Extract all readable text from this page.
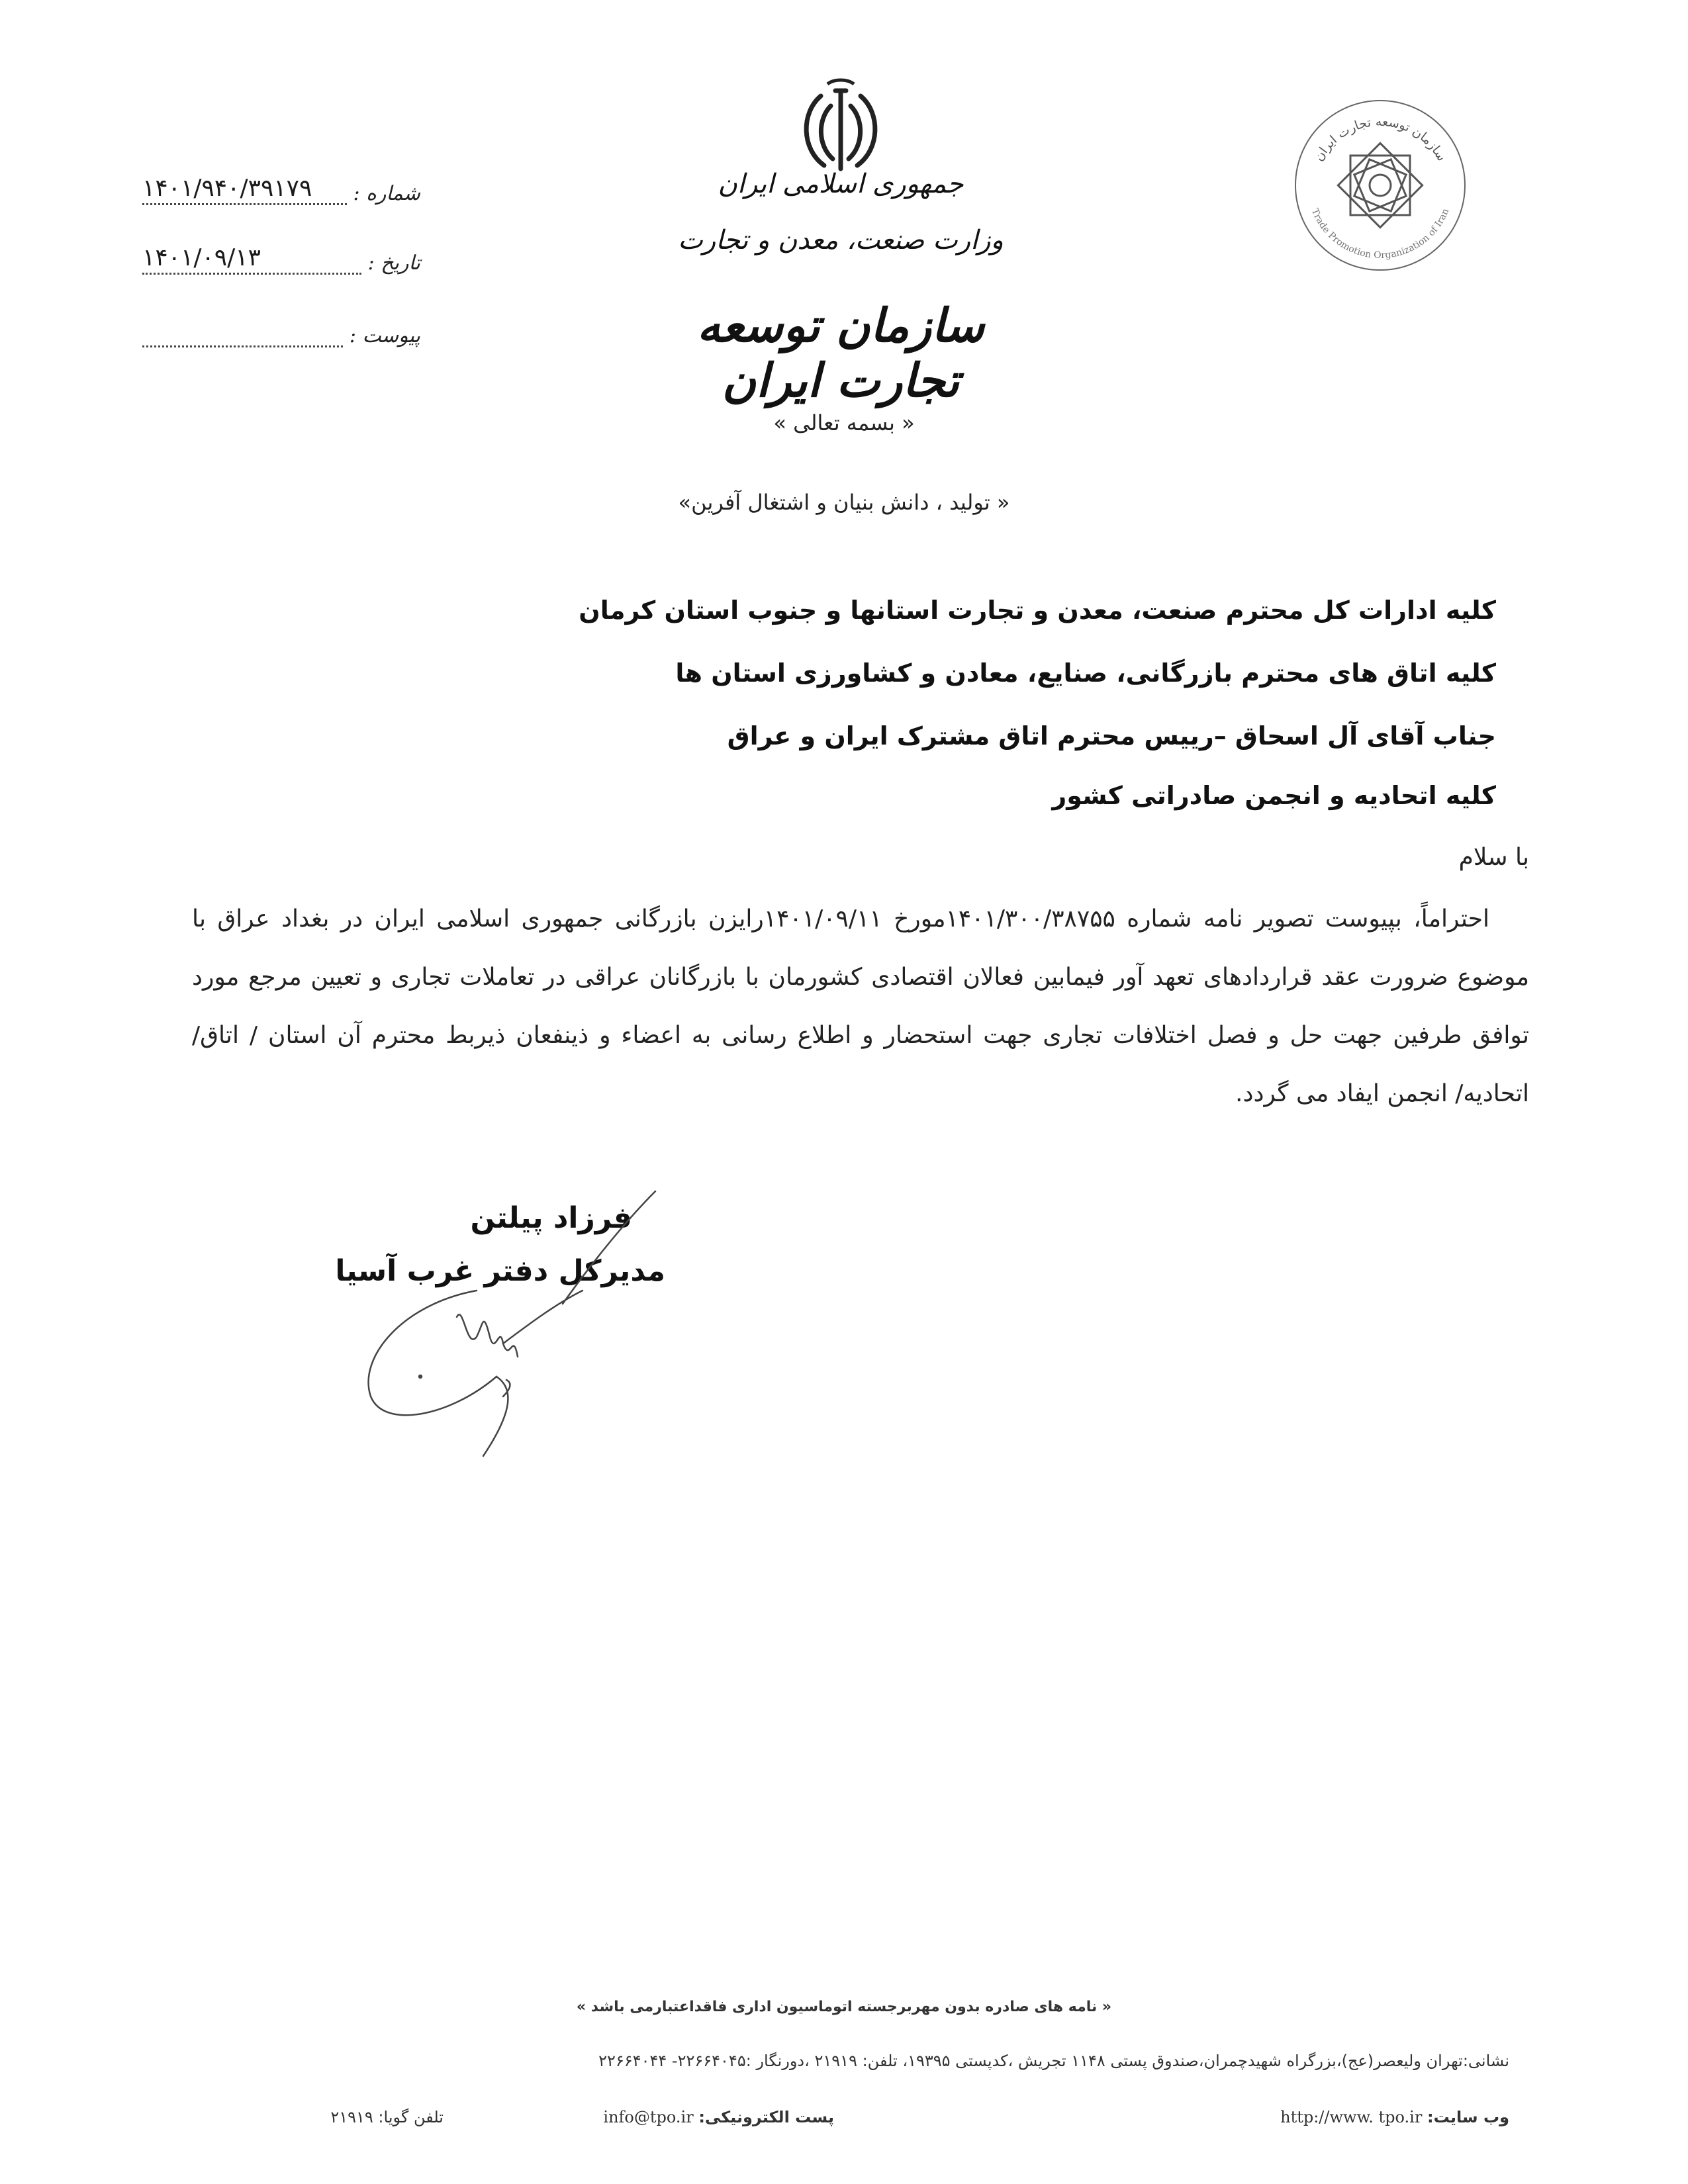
سازمان توسعه تجارت ایران
Trade Promotion Organization of Iran
جمهوری اسلامی ایران
وزارت صنعت، معدن و تجارت
سازمان توسعه تجارت ایران
شماره :
۱۴۰۱/۹۴۰/۳۹۱۷۹
تاریخ :
۱۴۰۱/۰۹/۱۳
پیوست :
« بسمه تعالی »
« تولید ، دانش بنیان و اشتغال آفرین»
کلیه ادارات کل محترم صنعت، معدن و تجارت استانها و جنوب استان کرمان
کلیه اتاق های محترم بازرگانی، صنایع، معادن و کشاورزی استان ها
جناب آقای آل اسحاق –رییس محترم اتاق مشترک ایران و عراق
کلیه اتحادیه و انجمن صادراتی کشور
با سلام
احتراماً، بپیوست تصویر نامه شماره ۱۴۰۱/۳۰۰/۳۸۷۵۵مورخ ۱۴۰۱/۰۹/۱۱رایزن بازرگانی جمهوری اسلامی ایران در بغداد عراق با موضوع ضرورت عقد قراردادهای تعهد آور فیمابین فعالان اقتصادی کشورمان با بازرگانان عراقی در تعاملات تجاری و تعیین مرجع مورد توافق طرفین جهت حل و فصل اختلافات تجاری جهت استحضار و اطلاع رسانی به اعضاء و ذینفعان ذیربط محترم آن استان / اتاق/ اتحادیه/ انجمن ایفاد می گردد.
فرزاد پیلتن
مدیرکل دفتر غرب آسیا
« نامه های صادره بدون مهربرجسته اتوماسیون اداری فاقداعتبارمی باشد »
نشانی:تهران ولیعصر(عج)،بزرگراه شهیدچمران،صندوق پستی ۱۱۴۸ تجریش ،کدپستی ۱۹۳۹۵، تلفن: ۲۱۹۱۹ ،دورنگار :۲۲۶۶۴۰۴۵- ۲۲۶۶۴۰۴۴
وب سایت: http://www. tpo.ir
پست الکترونیکی: info@tpo.ir
تلفن گویا: ۲۱۹۱۹
